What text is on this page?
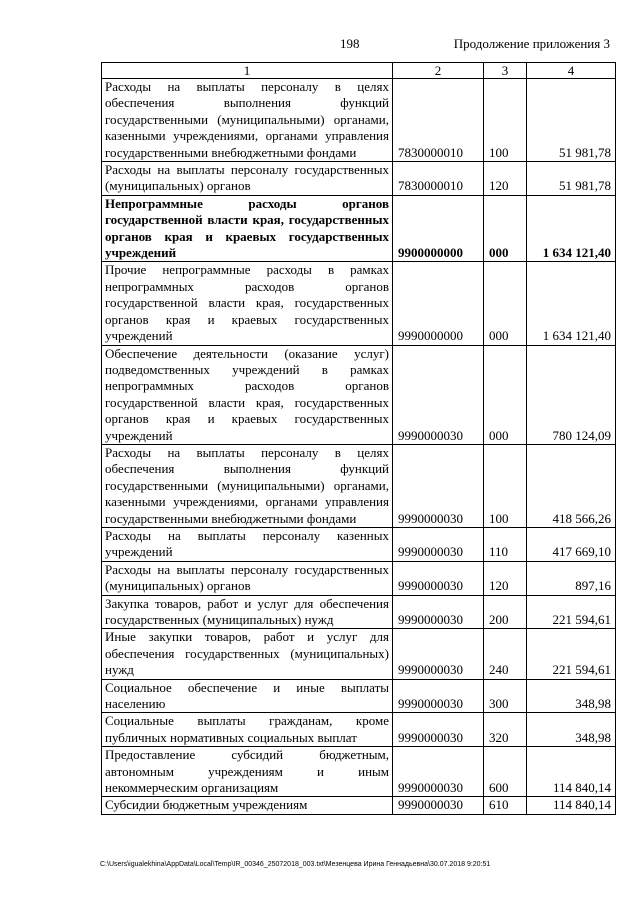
198	Продолжение приложения 3
1	2	3	4
Расходы на выплаты персоналу в целях обеспечения выполнения функций государственными (муниципальными) органами, казенными учреждениями, органами управления государственными внебюджетными фондами	7830000010	100	51 981,78
Расходы на выплаты персоналу государственных (муниципальных) органов	7830000010	120	51 981,78
Непрограммные расходы органов государственной власти края, государственных органов края и краевых государственных учреждений	9900000000	000	1 634 121,40
Прочие непрограммные расходы в рамках непрограммных расходов органов государственной власти края, государственных органов края и краевых государственных учреждений	9990000000	000	1 634 121,40
Обеспечение деятельности (оказание услуг) подведомственных учреждений в рамках непрограммных расходов органов государственной власти края, государственных органов края и краевых государственных учреждений	9990000030	000	780 124,09
Расходы на выплаты персоналу в целях обеспечения выполнения функций государственными (муниципальными) органами, казенными учреждениями, органами управления государственными внебюджетными фондами	9990000030	100	418 566,26
Расходы на выплаты персоналу казенных учреждений	9990000030	110	417 669,10
Расходы на выплаты персоналу государственных (муниципальных) органов	9990000030	120	897,16
Закупка товаров, работ и услуг для обеспечения государственных (муниципальных) нужд	9990000030	200	221 594,61
Иные закупки товаров, работ и услуг для обеспечения государственных (муниципальных) нужд	9990000030	240	221 594,61
Социальное обеспечение и иные выплаты населению	9990000030	300	348,98
Социальные выплаты гражданам, кроме публичных нормативных социальных выплат	9990000030	320	348,98
Предоставление субсидий бюджетным, автономным учреждениям и иным некоммерческим организациям	9990000030	600	114 840,14
Субсидии бюджетным учреждениям	9990000030	610	114 840,14
C:\Users\igualekhina\AppData\Local\Temp\IR_00346_25072018_003.txt\Мезенцева Ирина Геннадьевна\30.07.2018 9:20:51
